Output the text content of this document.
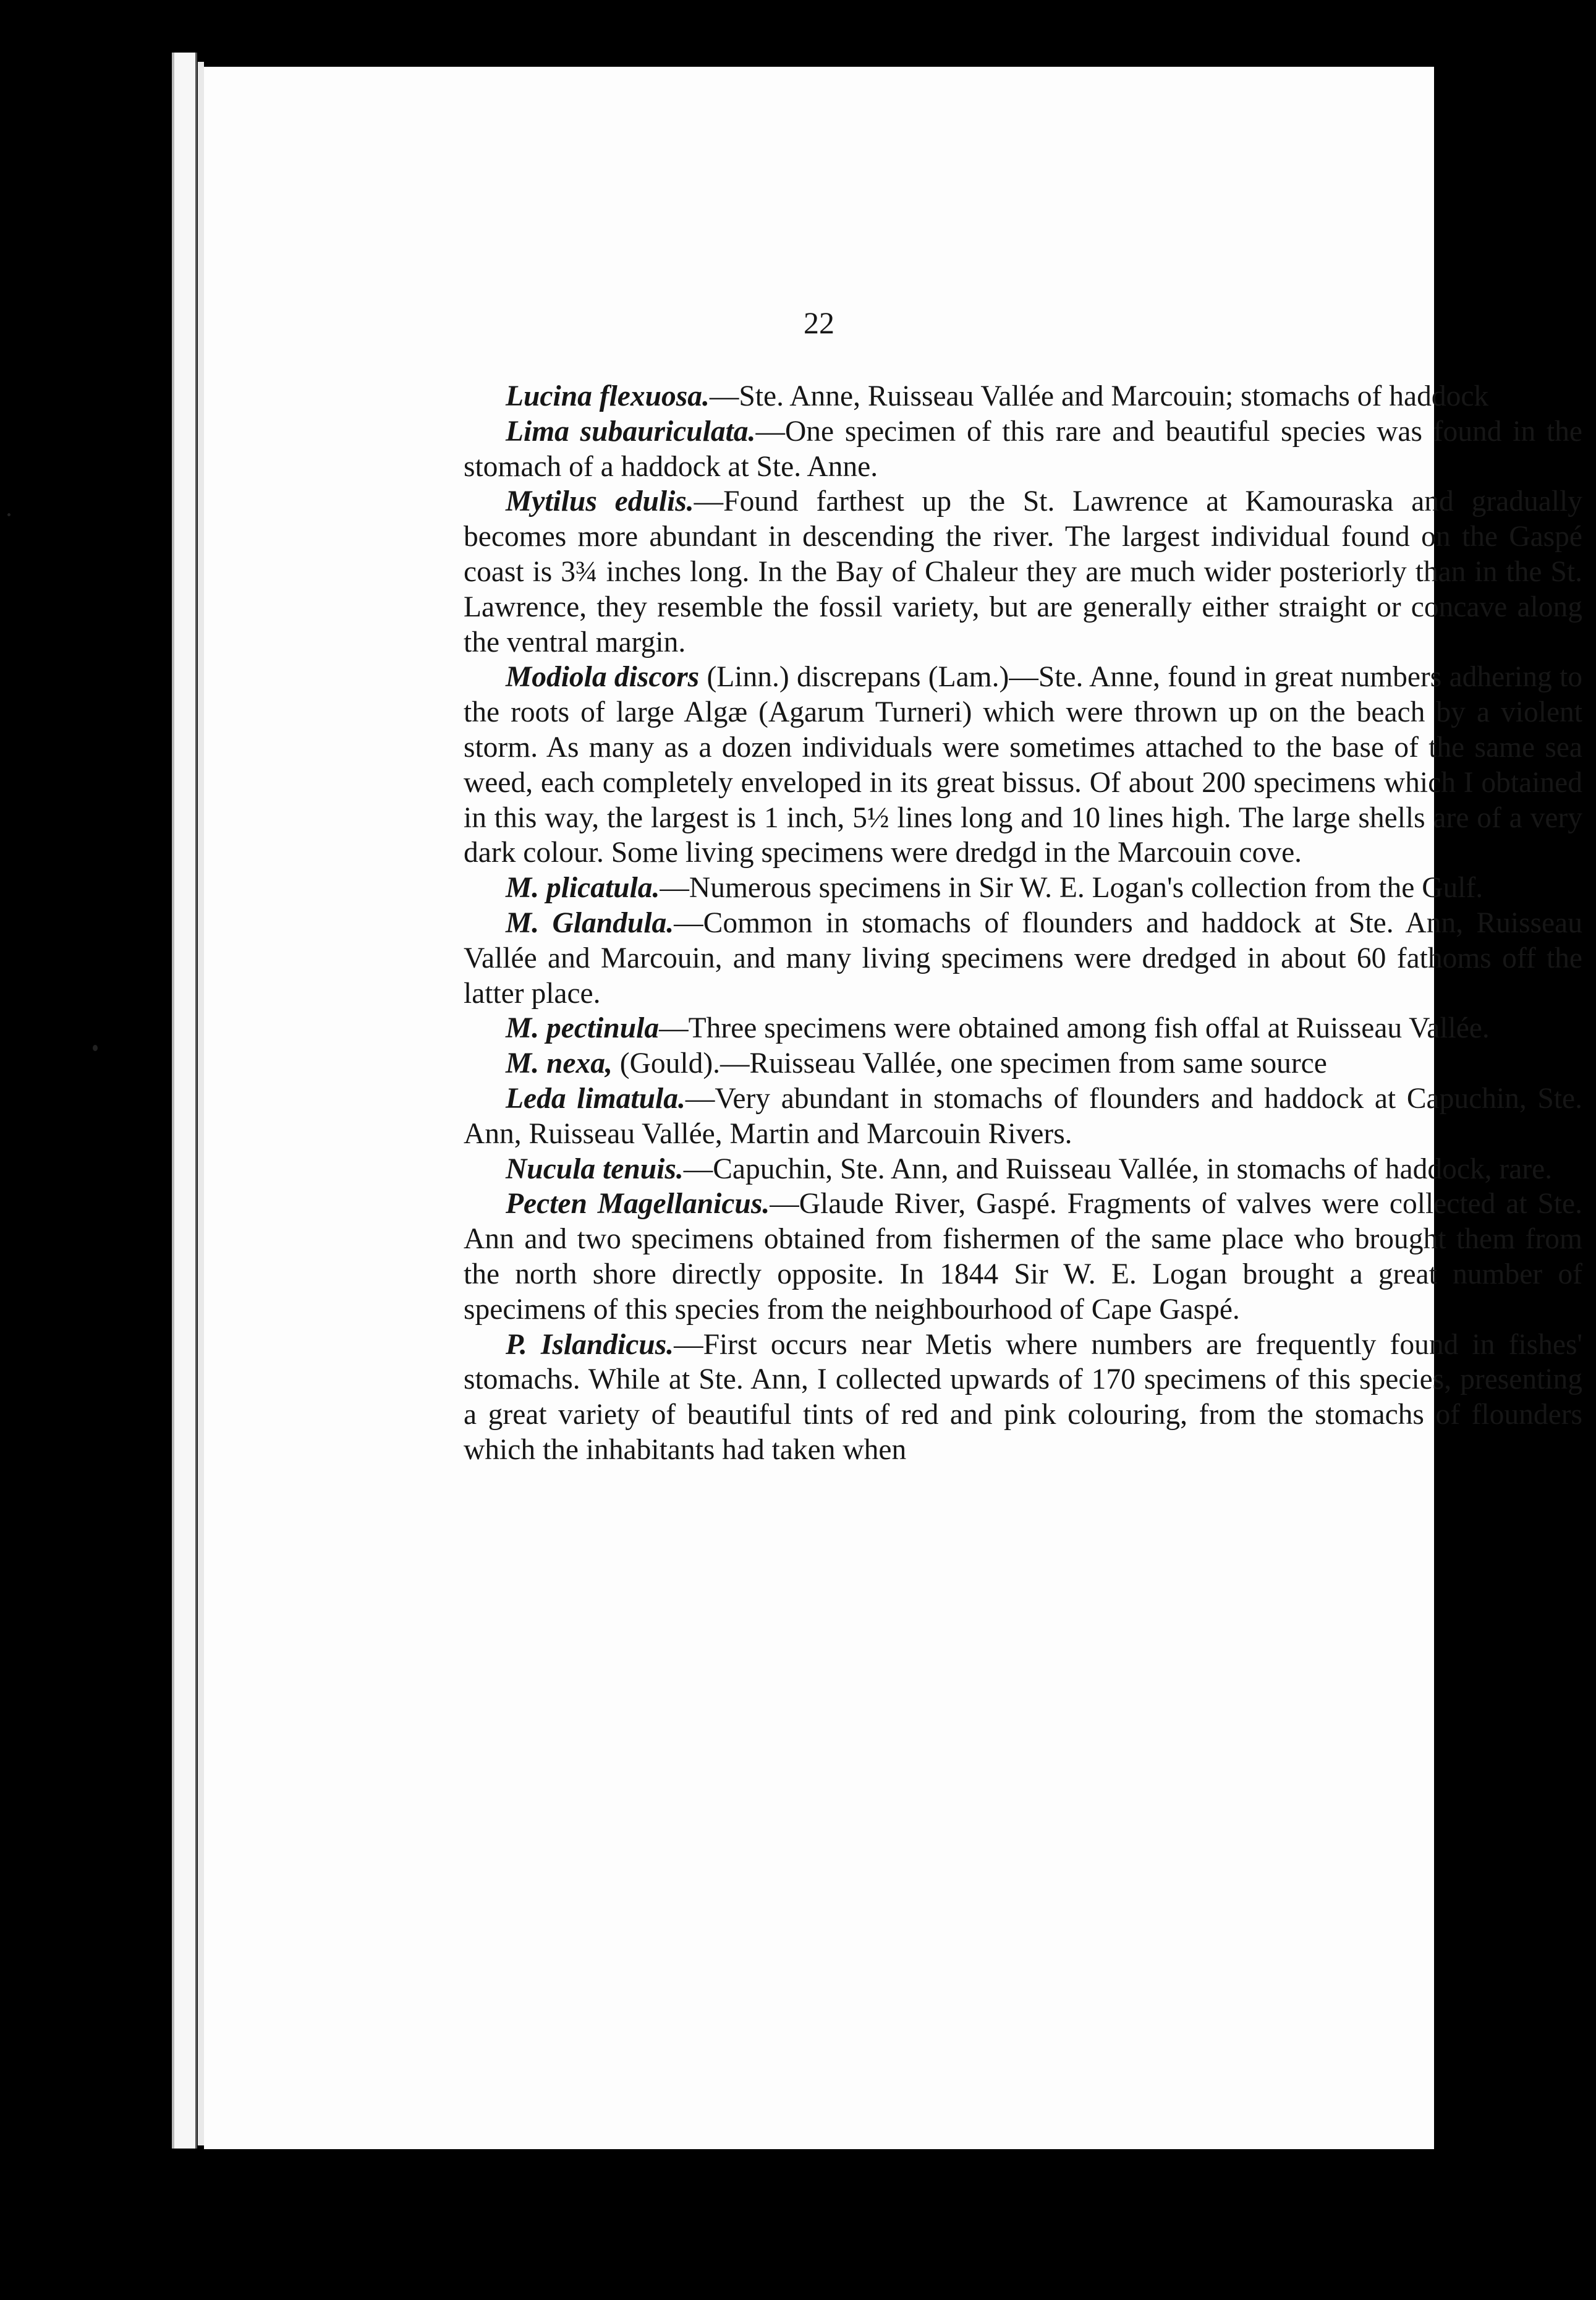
22

Lucina flexuosa.—Ste. Anne, Ruisseau Vallée and Marcouin; stomachs of haddock

Lima subauriculata.—One specimen of this rare and beautiful species was found in the stomach of a haddock at Ste. Anne.

Mytilus edulis.—Found farthest up the St. Lawrence at Kamouraska and gradually becomes more abundant in descending the river. The largest individual found on the Gaspé coast is 3¾ inches long. In the Bay of Chaleur they are much wider posteriorly than in the St. Lawrence, they resemble the fossil variety, but are generally either straight or concave along the ventral margin.

Modiola discors (Linn.) discrepans (Lam.)—Ste. Anne, found in great numbers adhering to the roots of large Algæ (Agarum Turneri) which were thrown up on the beach by a violent storm. As many as a dozen individuals were sometimes attached to the base of the same sea weed, each completely enveloped in its great bissus. Of about 200 specimens which I obtained in this way, the largest is 1 inch, 5½ lines long and 10 lines high. The large shells are of a very dark colour. Some living specimens were dredgd in the Marcouin cove.

M. plicatula.—Numerous specimens in Sir W. E. Logan's collection from the Gulf.

M. Glandula.—Common in stomachs of flounders and haddock at Ste. Ann, Ruisseau Vallée and Marcouin, and many living specimens were dredged in about 60 fathoms off the latter place.

M. pectinula—Three specimens were obtained among fish offal at Ruisseau Vallée.

M. nexa, (Gould).—Ruisseau Vallée, one specimen from same source

Leda limatula.—Very abundant in stomachs of flounders and haddock at Capuchin, Ste. Ann, Ruisseau Vallée, Martin and Marcouin Rivers.

Nucula tenuis.—Capuchin, Ste. Ann, and Ruisseau Vallée, in stomachs of haddock, rare.

Pecten Magellanicus.—Glaude River, Gaspé. Fragments of valves were collected at Ste. Ann and two specimens obtained from fishermen of the same place who brought them from the north shore directly opposite. In 1844 Sir W. E. Logan brought a great number of specimens of this species from the neighbourhood of Cape Gaspé.

P. Islandicus.—First occurs near Metis where numbers are frequently found in fishes' stomachs. While at Ste. Ann, I collected upwards of 170 specimens of this species, presenting a great variety of beautiful tints of red and pink colouring, from the stomachs of flounders which the inhabitants had taken when
